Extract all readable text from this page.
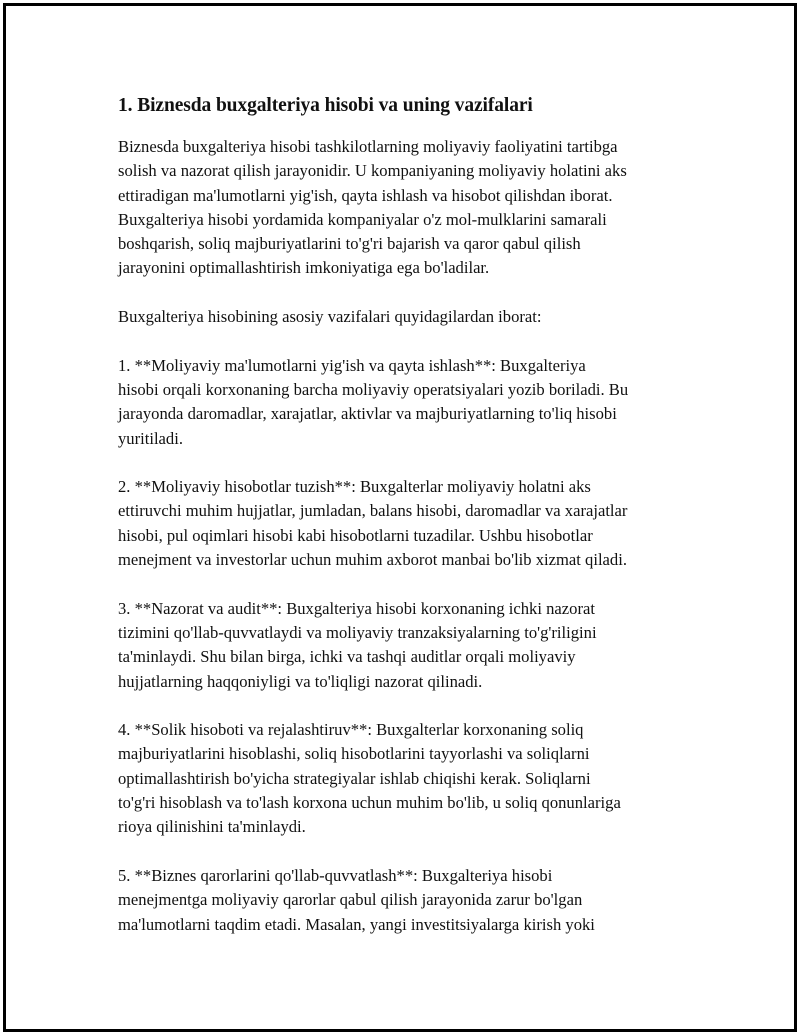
1. Biznesda buxgalteriya hisobi va uning vazifalari

Biznesda buxgalteriya hisobi tashkilotlarning moliyaviy faoliyatini tartibga
solish va nazorat qilish jarayonidir. U kompaniyaning moliyaviy holatini aks
ettiradigan ma'lumotlarni yig'ish, qayta ishlash va hisobot qilishdan iborat.
Buxgalteriya hisobi yordamida kompaniyalar o'z mol-mulklarini samarali
boshqarish, soliq majburiyatlarini to'g'ri bajarish va qaror qabul qilish
jarayonini optimallashtirish imkoniyatiga ega bo'ladilar.

Buxgalteriya hisobining asosiy vazifalari quyidagilardan iborat:

1. **Moliyaviy ma'lumotlarni yig'ish va qayta ishlash**: Buxgalteriya
hisobi orqali korxonaning barcha moliyaviy operatsiyalari yozib boriladi. Bu
jarayonda daromadlar, xarajatlar, aktivlar va majburiyatlarning to'liq hisobi
yuritiladi.

2. **Moliyaviy hisobotlar tuzish**: Buxgalterlar moliyaviy holatni aks
ettiruvchi muhim hujjatlar, jumladan, balans hisobi, daromadlar va xarajatlar
hisobi, pul oqimlari hisobi kabi hisobotlarni tuzadilar. Ushbu hisobotlar
menejment va investorlar uchun muhim axborot manbai bo'lib xizmat qiladi.

3. **Nazorat va audit**: Buxgalteriya hisobi korxonaning ichki nazorat
tizimini qo'llab-quvvatlaydi va moliyaviy tranzaksiyalarning to'g'riligini
ta'minlaydi. Shu bilan birga, ichki va tashqi auditlar orqali moliyaviy
hujjatlarning haqqoniyligi va to'liqligi nazorat qilinadi.

4. **Solik hisoboti va rejalashtiruv**: Buxgalterlar korxonaning soliq
majburiyatlarini hisoblashi, soliq hisobotlarini tayyorlashi va soliqlarni
optimallashtirish bo'yicha strategiyalar ishlab chiqishi kerak. Soliqlarni
to'g'ri hisoblash va to'lash korxona uchun muhim bo'lib, u soliq qonunlariga
rioya qilinishini ta'minlaydi.

5. **Biznes qarorlarini qo'llab-quvvatlash**: Buxgalteriya hisobi
menejmentga moliyaviy qarorlar qabul qilish jarayonida zarur bo'lgan
ma'lumotlarni taqdim etadi. Masalan, yangi investitsiyalarga kirish yoki
